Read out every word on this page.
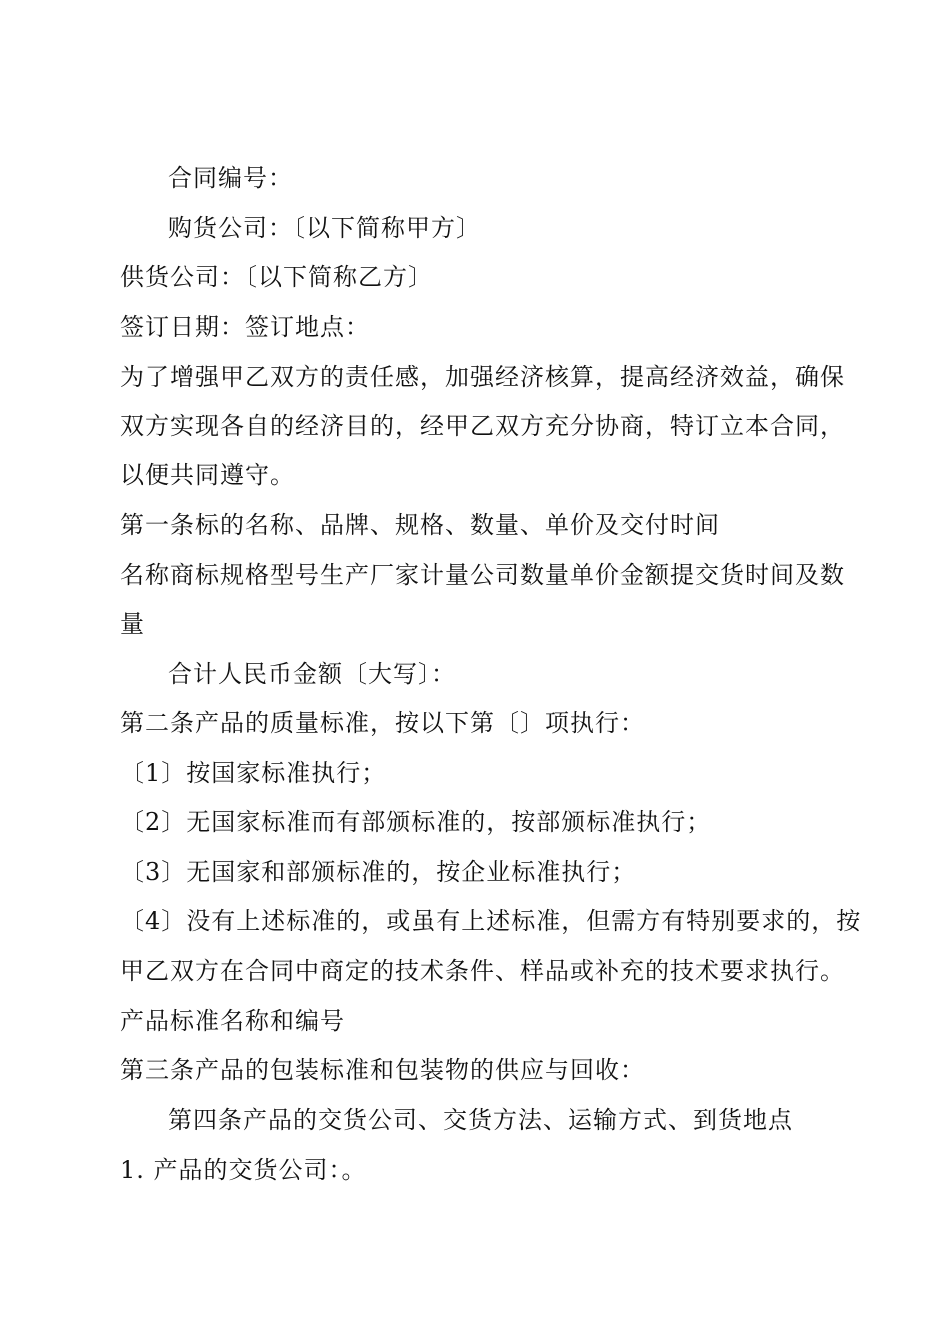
合同编号：
购货公司：〔以下简称甲方〕
供货公司：〔以下简称乙方〕
签订日期：签订地点：
为了增强甲乙双方的责任感，加强经济核算，提高经济效益，确保
双方实现各自的经济目的，经甲乙双方充分协商，特订立本合同，
以便共同遵守。
第一条标的名称、品牌、规格、数量、单价及交付时间
名称商标规格型号生产厂家计量公司数量单价金额提交货时间及数
量
合计人民币金额〔大写〕：
第二条产品的质量标准，按以下第〔〕项执行：
〔1〕按国家标准执行；
〔2〕无国家标准而有部颁标准的，按部颁标准执行；
〔3〕无国家和部颁标准的，按企业标准执行；
〔4〕没有上述标准的，或虽有上述标准，但需方有特别要求的，按
甲乙双方在合同中商定的技术条件、样品或补充的技术要求执行。
产品标准名称和编号
第三条产品的包装标准和包装物的供应与回收：
第四条产品的交货公司、交货方法、运输方式、到货地点
1. 产品的交货公司：。
